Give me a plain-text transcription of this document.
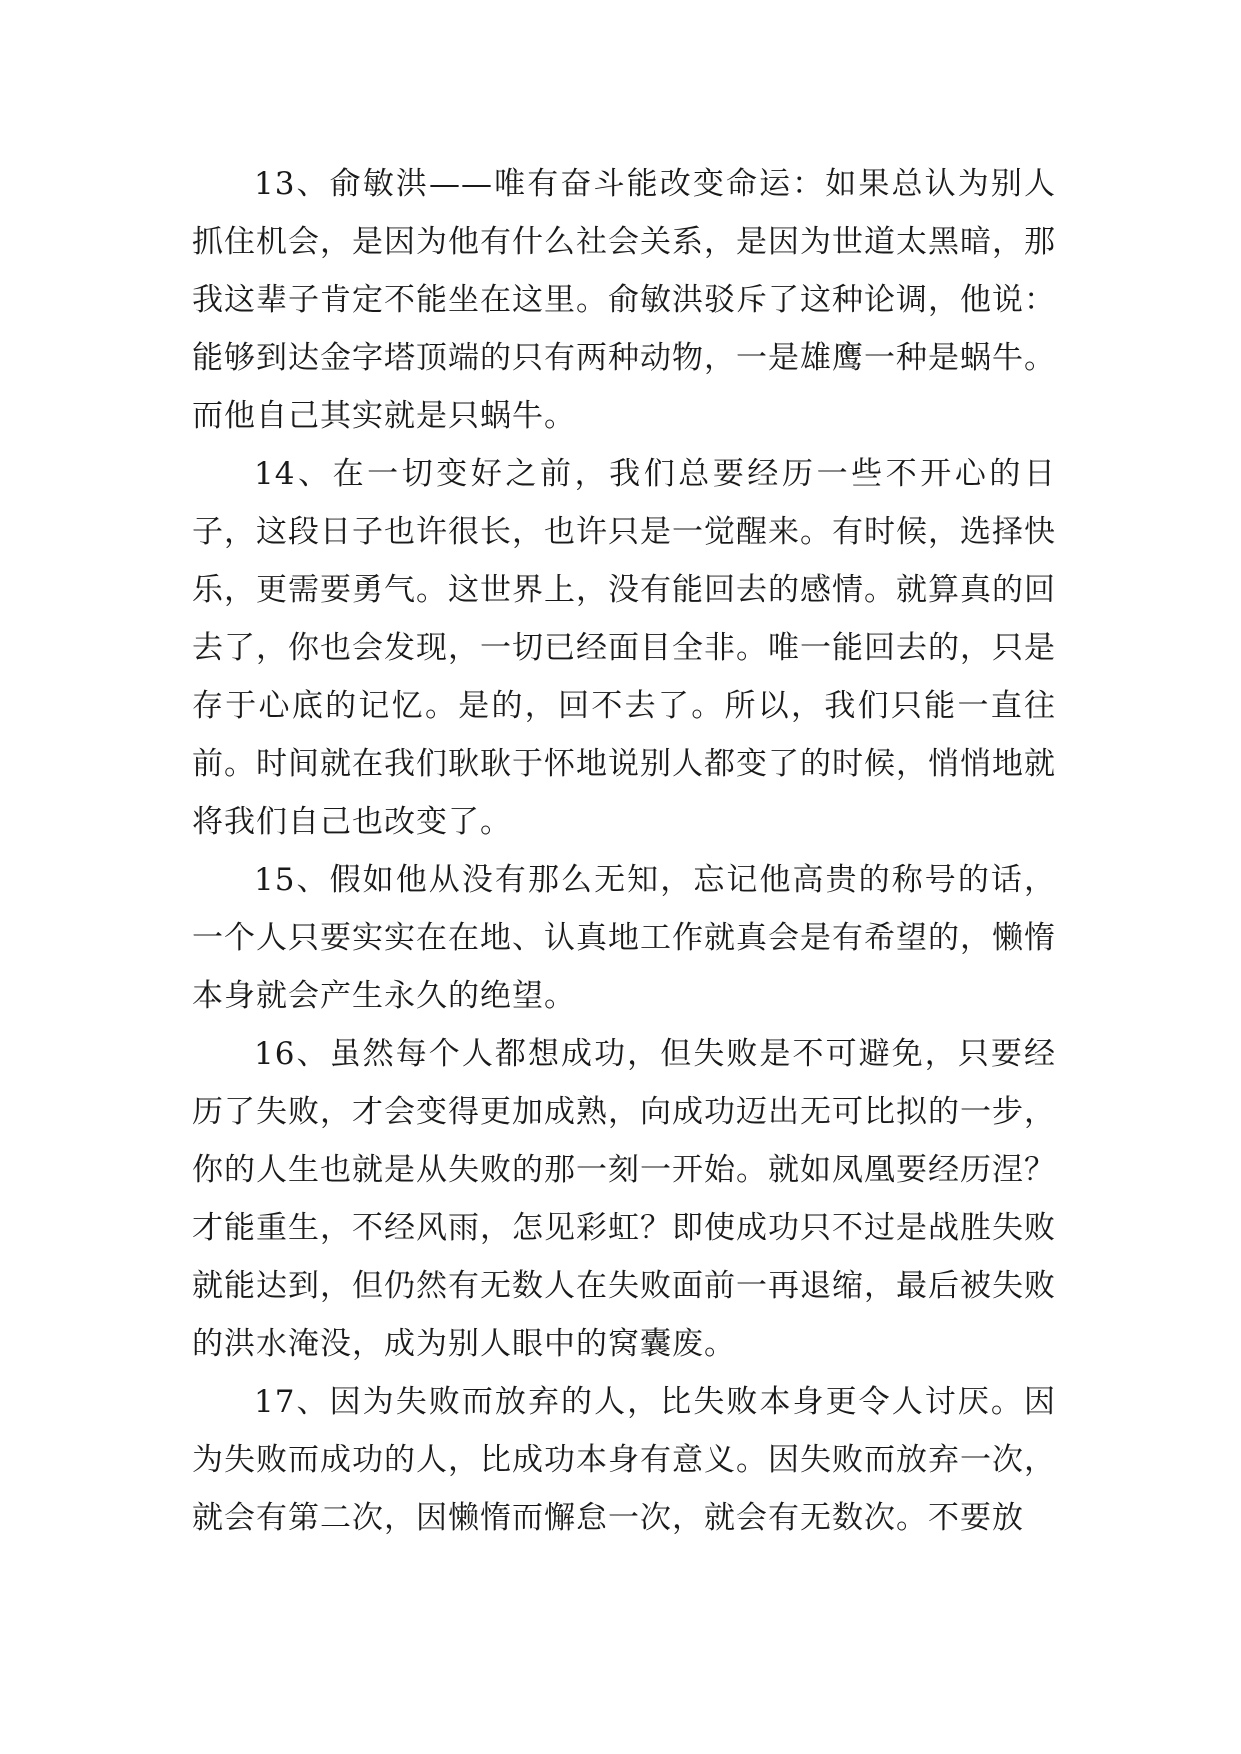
13、俞敏洪——唯有奋斗能改变命运：如果总认为别人抓住机会，是因为他有什么社会关系，是因为世道太黑暗，那我这辈子肯定不能坐在这里。俞敏洪驳斥了这种论调，他说：能够到达金字塔顶端的只有两种动物，一是雄鹰一种是蜗牛。而他自己其实就是只蜗牛。

14、在一切变好之前，我们总要经历一些不开心的日子，这段日子也许很长，也许只是一觉醒来。有时候，选择快乐，更需要勇气。这世界上，没有能回去的感情。就算真的回去了，你也会发现，一切已经面目全非。唯一能回去的，只是存于心底的记忆。是的，回不去了。所以，我们只能一直往前。时间就在我们耿耿于怀地说别人都变了的时候，悄悄地就将我们自己也改变了。

15、假如他从没有那么无知，忘记他高贵的称号的话，一个人只要实实在在地、认真地工作就真会是有希望的，懒惰本身就会产生永久的绝望。

16、虽然每个人都想成功，但失败是不可避免，只要经历了失败，才会变得更加成熟，向成功迈出无可比拟的一步，你的人生也就是从失败的那一刻一开始。就如凤凰要经历涅？才能重生，不经风雨，怎见彩虹？即使成功只不过是战胜失败就能达到，但仍然有无数人在失败面前一再退缩，最后被失败的洪水淹没，成为别人眼中的窝囊废。

17、因为失败而放弃的人，比失败本身更令人讨厌。因为失败而成功的人，比成功本身有意义。因失败而放弃一次，就会有第二次，因懒惰而懈怠一次，就会有无数次。不要放
